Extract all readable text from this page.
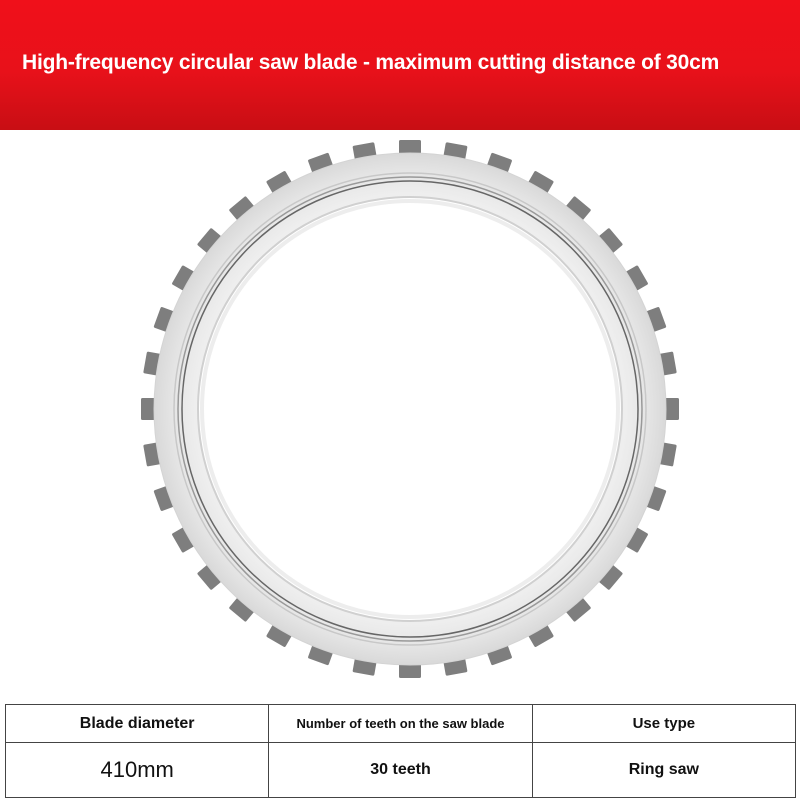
High-frequency circular saw blade - maximum cutting distance of 30cm
Blade diameter	Number of teeth on the saw blade	Use type
410mm	30 teeth	Ring saw
